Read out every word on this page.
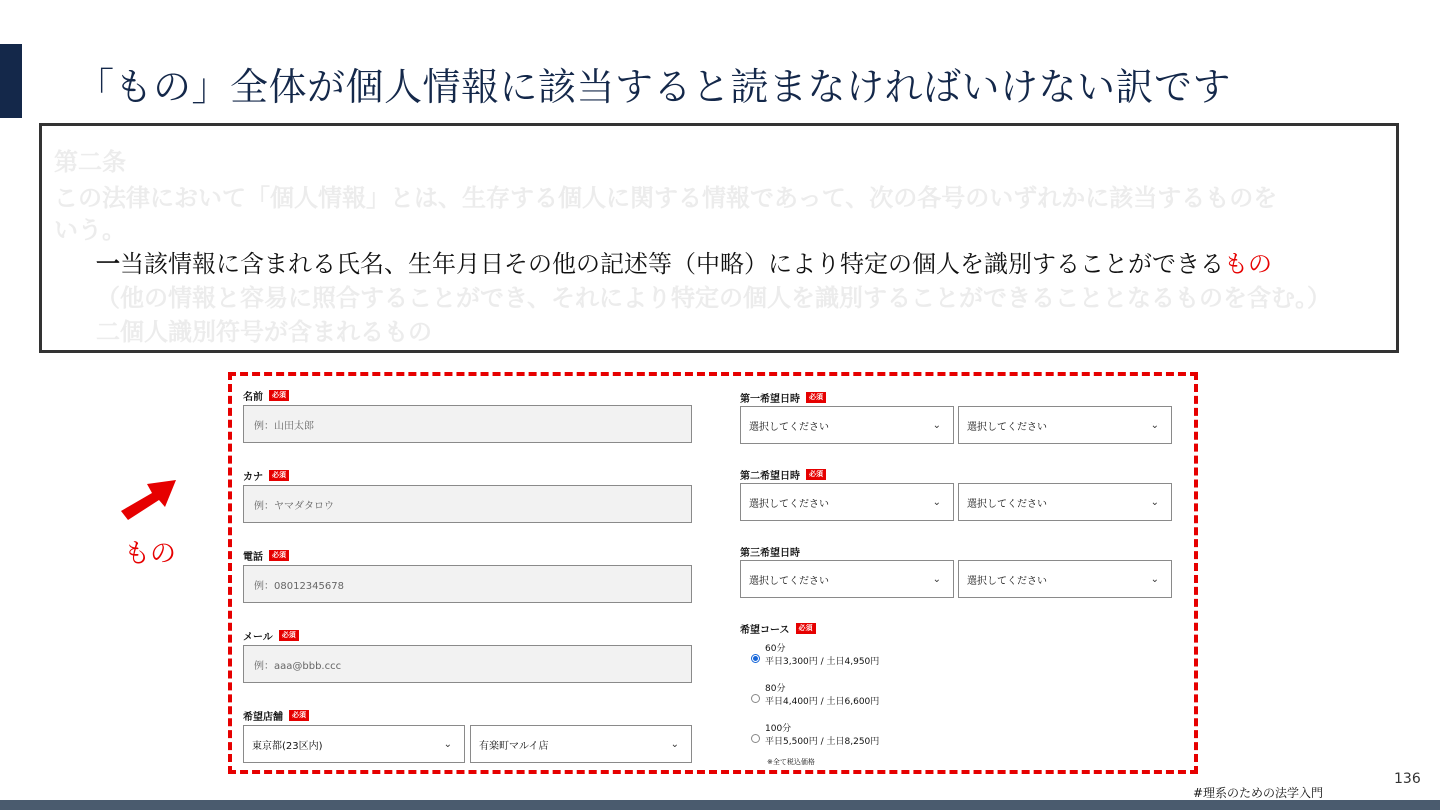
「もの」全体が個人情報に該当すると読まなければいけない訳です
第二条
この法律において「個人情報」とは、生存する個人に関する情報であって、次の各号のいずれかに該当するものを
いう。
一当該情報に含まれる氏名、生年月日その他の記述等（中略）により特定の個人を識別することができるもの
（他の情報と容易に照合することができ、それにより特定の個人を識別することができることとなるものを含む。）
二個人識別符号が含まれるもの
もの
名前	必須
例：山田太郎
カナ	必須
例：ヤマダタロウ
電話	必須
例：08012345678
メール	必須
例：aaa@bbb.ccc
希望店舗	必須
東京都(23区内)	⌄	有楽町マルイ店	⌄
第一希望日時	必須
選択してください	⌄	選択してください	⌄
第二希望日時	必須
選択してください	⌄	選択してください	⌄
第三希望日時
選択してください	⌄	選択してください	⌄
希望コース	必須
60分
平日3,300円 / 土日4,950円
80分
平日4,400円 / 土日6,600円
100分
平日5,500円 / 土日8,250円
※全て税込価格
136
#理系のための法学入門
